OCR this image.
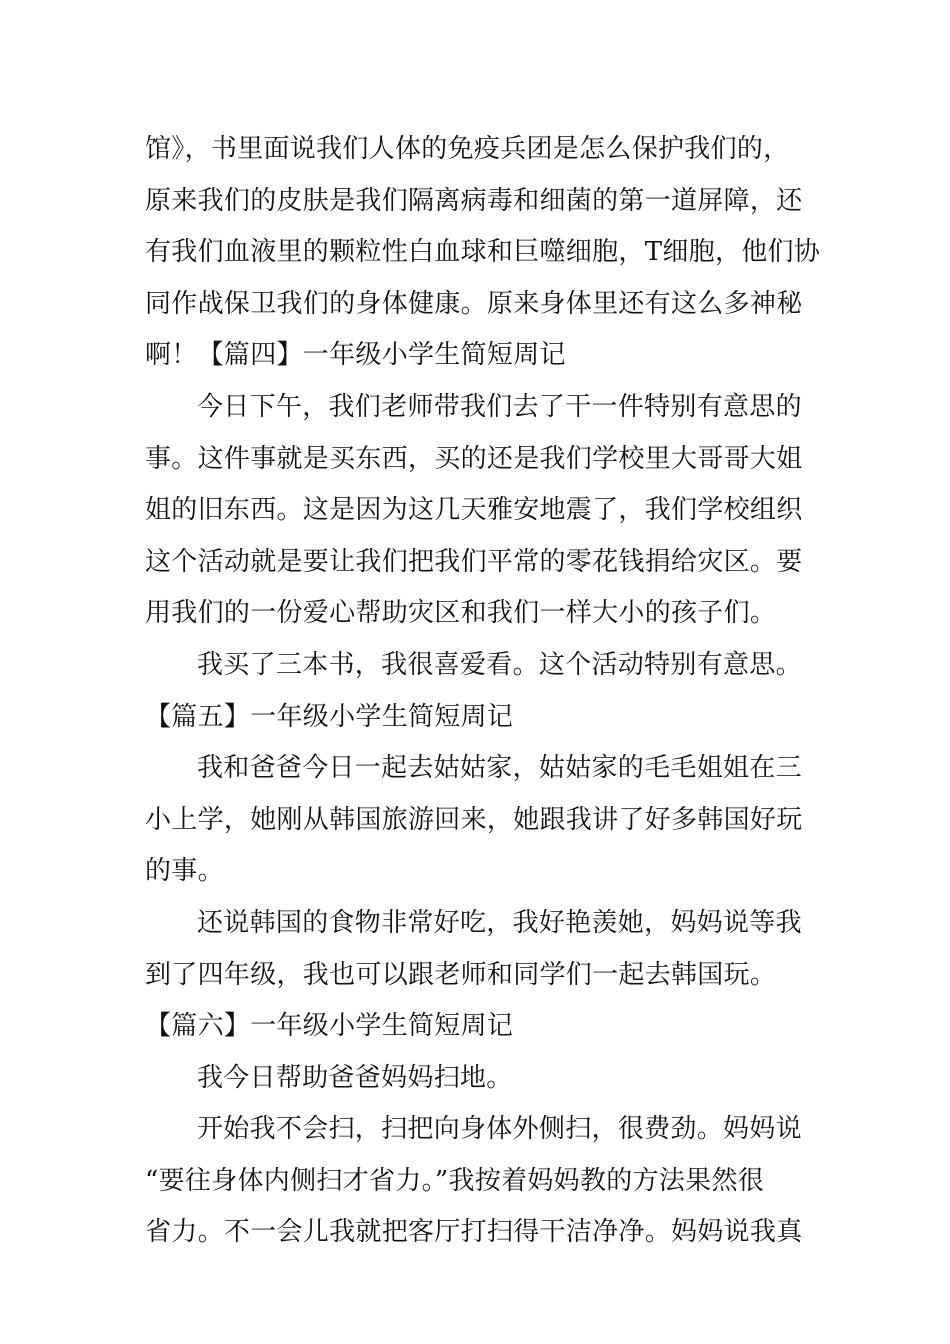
馆》，书里面说我们人体的免疫兵团是怎么保护我们的，
原来我们的皮肤是我们隔离病毒和细菌的第一道屏障，还
有我们血液里的颗粒性白血球和巨噬细胞，T细胞，他们协
同作战保卫我们的身体健康。原来身体里还有这么多神秘
啊！【篇四】一年级小学生简短周记
今日下午，我们老师带我们去了干一件特别有意思的
事。这件事就是买东西，买的还是我们学校里大哥哥大姐
姐的旧东西。这是因为这几天雅安地震了，我们学校组织
这个活动就是要让我们把我们平常的零花钱捐给灾区。要
用我们的一份爱心帮助灾区和我们一样大小的孩子们。
我买了三本书，我很喜爱看。这个活动特别有意思。
【篇五】一年级小学生简短周记
我和爸爸今日一起去姑姑家，姑姑家的毛毛姐姐在三
小上学，她刚从韩国旅游回来，她跟我讲了好多韩国好玩
的事。
还说韩国的食物非常好吃，我好艳羡她，妈妈说等我
到了四年级，我也可以跟老师和同学们一起去韩国玩。
【篇六】一年级小学生简短周记
我今日帮助爸爸妈妈扫地。
开始我不会扫，扫把向身体外侧扫，很费劲。妈妈说
“要往身体内侧扫才省力。”我按着妈妈教的方法果然很
省力。不一会儿我就把客厅打扫得干洁净净。妈妈说我真
